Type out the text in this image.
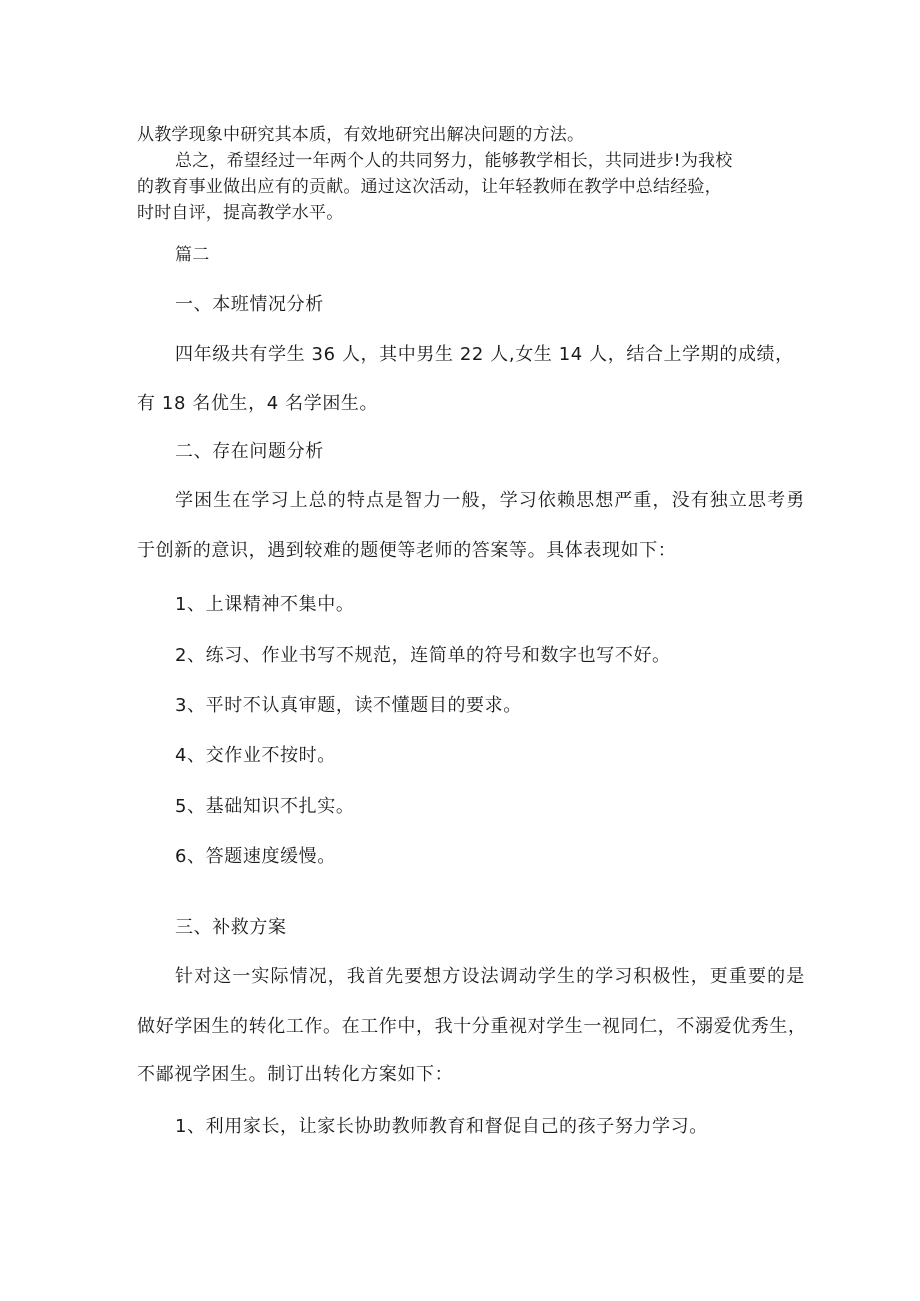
从教学现象中研究其本质，有效地研究出解决问题的方法。

总之，希望经过一年两个人的共同努力，能够教学相长，共同进步!为我校

的教育事业做出应有的贡献。通过这次活动，让年轻教师在教学中总结经验，

时时自评，提高教学水平。

篇二

一、本班情况分析

四年级共有学生 36 人，其中男生 22 人,女生 14 人，结合上学期的成绩，

有 18 名优生，4 名学困生。

二、存在问题分析

学困生在学习上总的特点是智力一般，学习依赖思想严重，没有独立思考勇

于创新的意识，遇到较难的题便等老师的答案等。具体表现如下：

1、上课精神不集中。

2、练习、作业书写不规范，连简单的符号和数字也写不好。

3、平时不认真审题，读不懂题目的要求。

4、交作业不按时。

5、基础知识不扎实。

6、答题速度缓慢。

三、补救方案

针对这一实际情况，我首先要想方设法调动学生的学习积极性，更重要的是

做好学困生的转化工作。在工作中，我十分重视对学生一视同仁，不溺爱优秀生，

不鄙视学困生。制订出转化方案如下：

1、利用家长，让家长协助教师教育和督促自己的孩子努力学习。
